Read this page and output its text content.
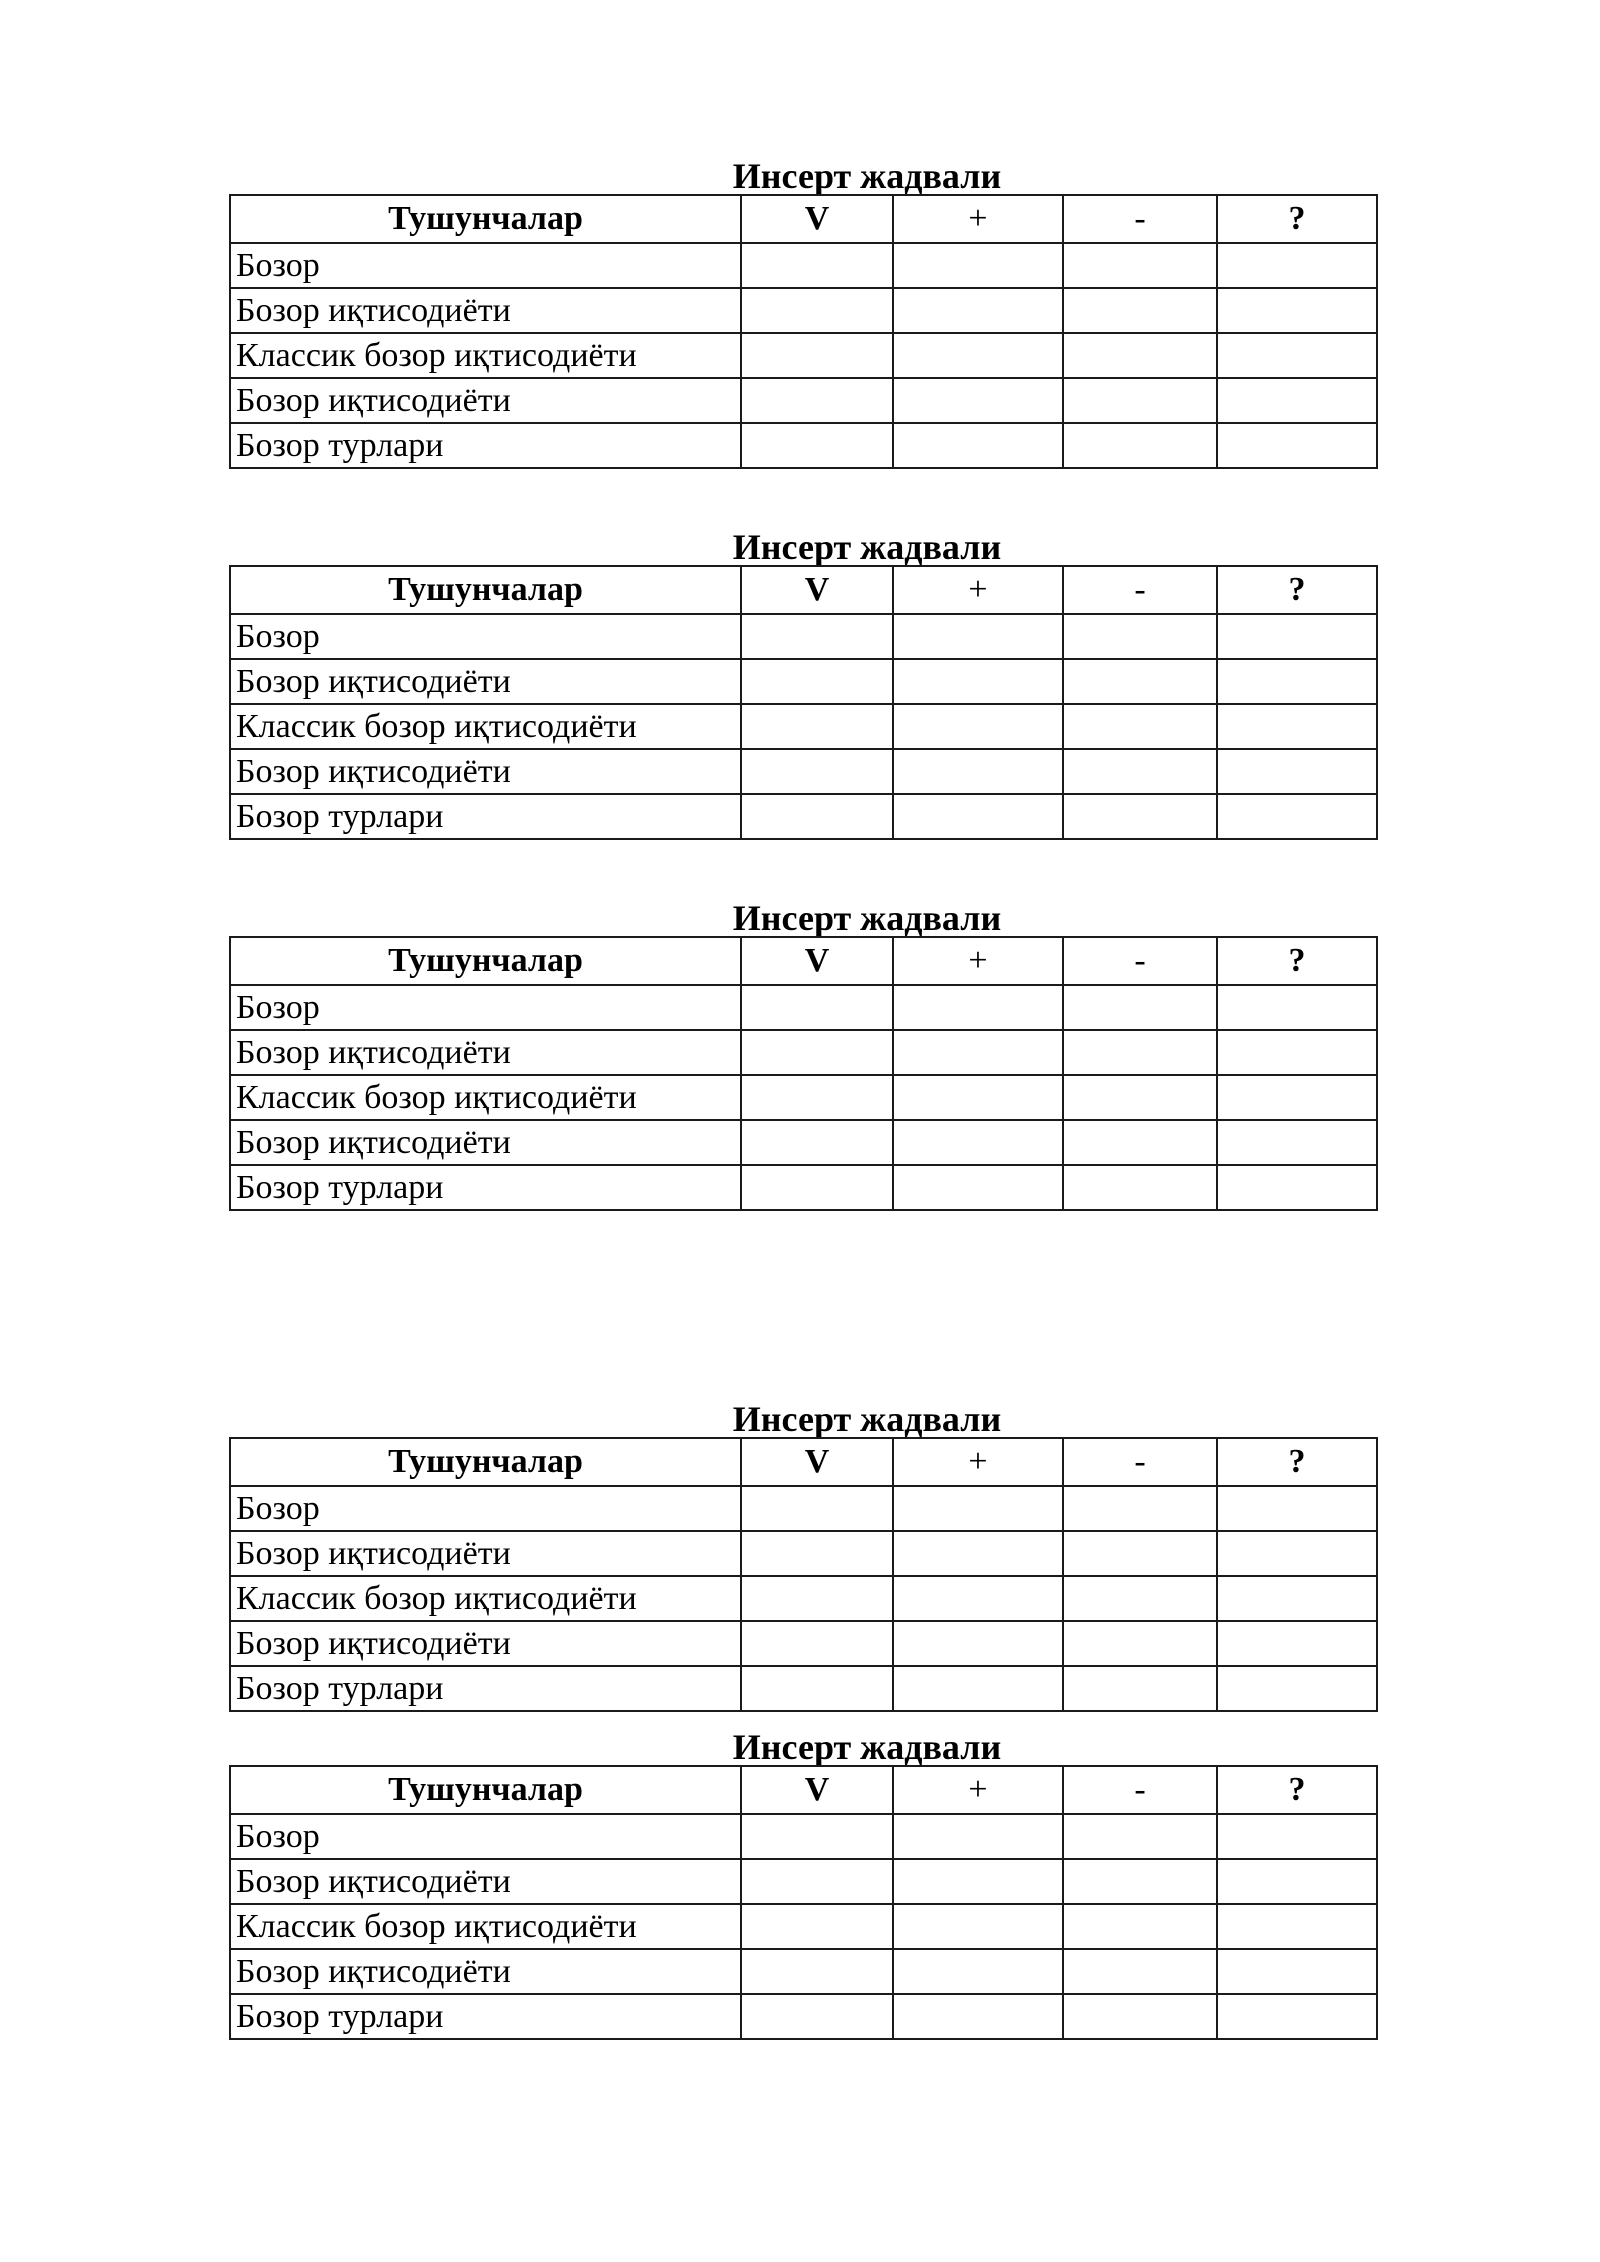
Инсерт жадвали
Тушунчалар	V	+	-	?
Бозор				
Бозор иқтисодиёти				
Классик бозор иқтисодиёти				
Бозор иқтисодиёти				
Бозор турлари				
Инсерт жадвали
Тушунчалар	V	+	-	?
Бозор				
Бозор иқтисодиёти				
Классик бозор иқтисодиёти				
Бозор иқтисодиёти				
Бозор турлари				
Инсерт жадвали
Тушунчалар	V	+	-	?
Бозор				
Бозор иқтисодиёти				
Классик бозор иқтисодиёти				
Бозор иқтисодиёти				
Бозор турлари				
Инсерт жадвали
Тушунчалар	V	+	-	?
Бозор				
Бозор иқтисодиёти				
Классик бозор иқтисодиёти				
Бозор иқтисодиёти				
Бозор турлари				
Инсерт жадвали
Тушунчалар	V	+	-	?
Бозор				
Бозор иқтисодиёти				
Классик бозор иқтисодиёти				
Бозор иқтисодиёти				
Бозор турлари				
